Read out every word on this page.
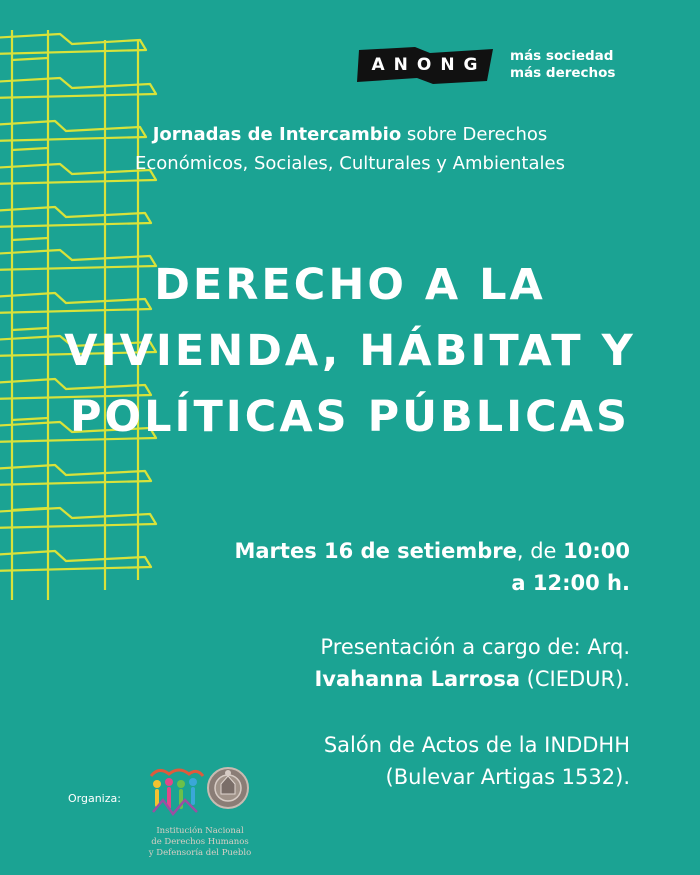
ANONG	más sociedad
más derechos
Jornadas de Intercambio sobre Derechos
Económicos, Sociales, Culturales y Ambientales
DERECHO A LA
VIVIENDA, HÁBITAT Y
POLÍTICAS PÚBLICAS
Martes 16 de setiembre, de 10:00
a 12:00 h.
Presentación a cargo de: Arq.
Ivahanna Larrosa (CIEDUR).
Salón de Actos de la INDDHH
(Bulevar Artigas 1532).
Organiza:
Institución Nacional
de Derechos Humanos
y Defensoría del Pueblo
